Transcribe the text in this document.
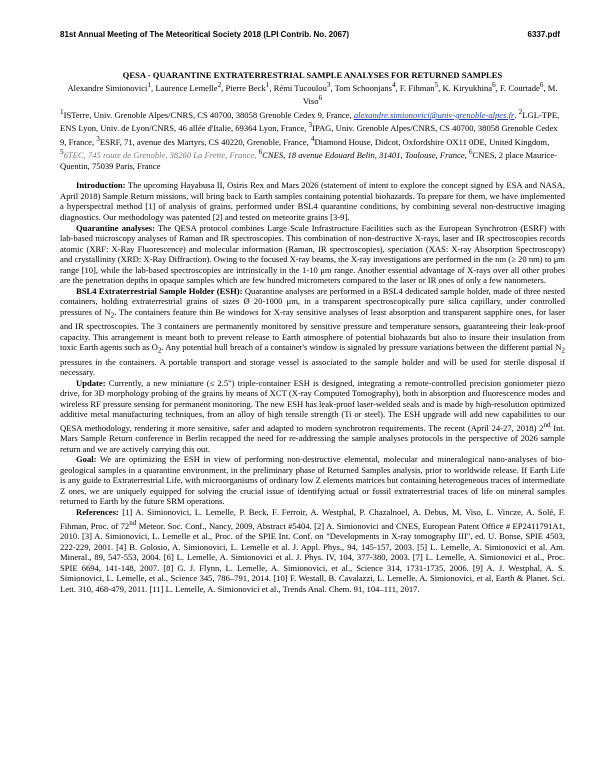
81st Annual Meeting of The Meteoritical Society 2018 (LPI Contrib. No. 2067)	6337.pdf
QESA - QUARANTINE EXTRATERRESTRIAL SAMPLE ANALYSES FOR RETURNED SAMPLES
Alexandre Simionovici$^1$, Laurence Lemelle$^2$, Pierre Beck$^1$, Rémi Tucoulou$^3$, Tom Schoonjans$^4$, F. Fihman$^5$, K. Kiryukhina$^6$, F. Courtade$^6$, M. Viso$^6$

$^1$ISTerre, Univ. Grenoble Alpes/CNRS, CS 40700, 38058 Grenoble Cedex 9, France, alexandre.simionovici@univ-grenoble-alpes.fr. $^2$LGL-TPE, ENS Lyon, Univ. de Lyon/CNRS, 46 allée d'Italie, 69364 Lyon, France, $^3$IPAG, Univ. Grenoble Alpes/CNRS, CS 40700, 38058 Grenoble Cedex 9, France, $^3$ESRF, 71, avenue des Martyrs, CS 40220, Grenoble, France, $^4$Diamond House, Didcot, Oxfordshire OX11 0DE, United Kingdom, $^5$6TEC, 745 route de Grenoble, 38260 La Frette, France, $^6$CNES, 18 avenue Edouard Belin, 31401, Toulouse, France, $^6$CNES, 2 place Maurice-Quentin, 75039 Paris, France

Introduction: The upcoming Hayabusa II, Osiris Rex and Mars 2026 (statement of intent to explore the concept signed by ESA and NASA, April 2018) Sample Return missions, will bring back to Earth samples containing potential biohazards. To prepare for them, we have implemented a hyperspectral method [1] of analysis of grains, performed under BSL4 quarantine conditions, by combining several non-destructive imaging diagnostics. Our methodology was patented [2] and tested on meteorite grains [3-9].

Quarantine analyses: The QESA protocol combines Large Scale Infrastructure Facilities such as the European Synchrotron (ESRF) with lab-based microscopy analyses of Raman and IR spectroscopies. This combination of non-destructive X-rays, laser and IR spectroscopies records atomic (XRF: X-Ray Fluorescence) and molecular information (Raman, IR spectroscopies), speciation (XAS: X-ray Absorption Spectroscopy) and crystallinity (XRD: X-Ray Diffraction). Owing to the focused X-ray beams, the X-ray investigations are performed in the nm (≥ 20 nm) to μm range [10], while the lab-based spectroscopies are intrinsically in the 1-10 μm range. Another essential advantage of X-rays over all other probes are the penetration depths in opaque samples which are few hundred micrometers compared to the laser or IR ones of only a few nanometers.

BSL4 Extraterrestrial Sample Holder (ESH): Quarantine analyses are performed in a BSL4 dedicated sample holder, made of three nested containers, holding extraterrestrial grains of sizes Ø 20-1000 μm, in a transparent spectroscopically pure silica capillary, under controlled pressures of $N_2$. The containers feature thin Be windows for X-ray sensitive analyses of least absorption and transparent sapphire ones, for laser and IR spectroscopies. The 3 containers are permanently monitored by sensitive pressure and temperature sensors, guaranteeing their leak-proof capacity. This arrangement is meant both to prevent release to Earth atmosphere of potential biohazards but also to insure their insulation from toxic Earth agents such as $O_2$. Any potential hull breach of a container's window is signaled by pressure variations between the different partial $N_2$ pressures in the containers. A portable transport and storage vessel is associated to the sample holder and will be used for sterile disposal if necessary.

Update: Currently, a new miniature (≤ 2.5") triple-container ESH is designed, integrating a remote-controlled precision goniometer piezo drive, for 3D morphology probing of the grains by means of XCT (X-ray Computed Tomography), both in absorption and fluorescence modes and wireless RF pressure sensing for permanent monitoring. The new ESH has leak-proof laser-welded seals and is made by high-resolution optimized additive metal manufacturing techniques, from an alloy of high tensile strength (Ti or steel). The ESH upgrade will add new capabilities to our QESA methodology, rendering it more sensitive, safer and adapted to modern synchrotron requirements. The recent (April 24-27, 2018) 2nd Int. Mars Sample Return conference in Berlin recapped the need for re-addressing the sample analyses protocols in the perspective of 2026 sample return and we are actively carrying this out.

Goal: We are optimizing the ESH in view of performing non-destructive elemental, molecular and mineralogical nano-analyses of bio-geological samples in a quarantine environment, in the preliminary phase of Returned Samples analysis, prior to worldwide release. If Earth Life is any guide to Extraterrestrial Life, with microorganisms of ordinary low Z elements matrices but containing heterogeneous traces of intermediate Z ones, we are uniquely equipped for solving the crucial issue of identifying actual or fossil extraterrestrial traces of life on mineral samples returned to Earth by the future SRM operations.

References: [1] A. Simionovici, L. Lemelle, P. Beck, F. Ferroir, A. Westphal, P. Chazalnoel, A. Debus, M. Viso, L. Vincze, A. Solé, F. Fihman, Proc. of 72nd Meteor. Soc. Conf., Nancy, 2009, Abstract #5404. [2] A. Simionovici and CNES, European Patent Office # EP2411791A1, 2010. [3] A. Simionovici, L. Lemelle et al., Proc. of the SPIE Int. Conf. on "Developments in X-ray tomography III", ed. U. Bonse, SPIE 4503, 222-229, 2001. [4] B. Golosio, A. Simionovici, L. Lemelle et al. J. Appl. Phys., 94, 145-157, 2003. [5] L. Lemelle, A. Simionovici et al. Am. Mineral., 89, 547-553, 2004. [6] L. Lemelle, A. Simionovici et al. J. Phys. IV, 104, 377-380, 2003. [7] L. Lemelle, A. Simionovici et al., Proc. SPIE 6694, 141-148, 2007. [8] G. J. Flynn, L. Lemelle, A. Simionovici, et al., Science 314, 1731-1735, 2006. [9] A. J. Westphal, A. S. Simionovici, L. Lemelle, et al., Science 345, 786–791, 2014. [10] F. Westall, B. Cavalazzi, L. Lemelle, A. Simionovici, et al, Earth & Planet. Sci. Lett. 310, 468-479, 2011. [11] L. Lemelle, A. Simionovici et al., Trends Anal. Chem. 91, 104–111, 2017.
